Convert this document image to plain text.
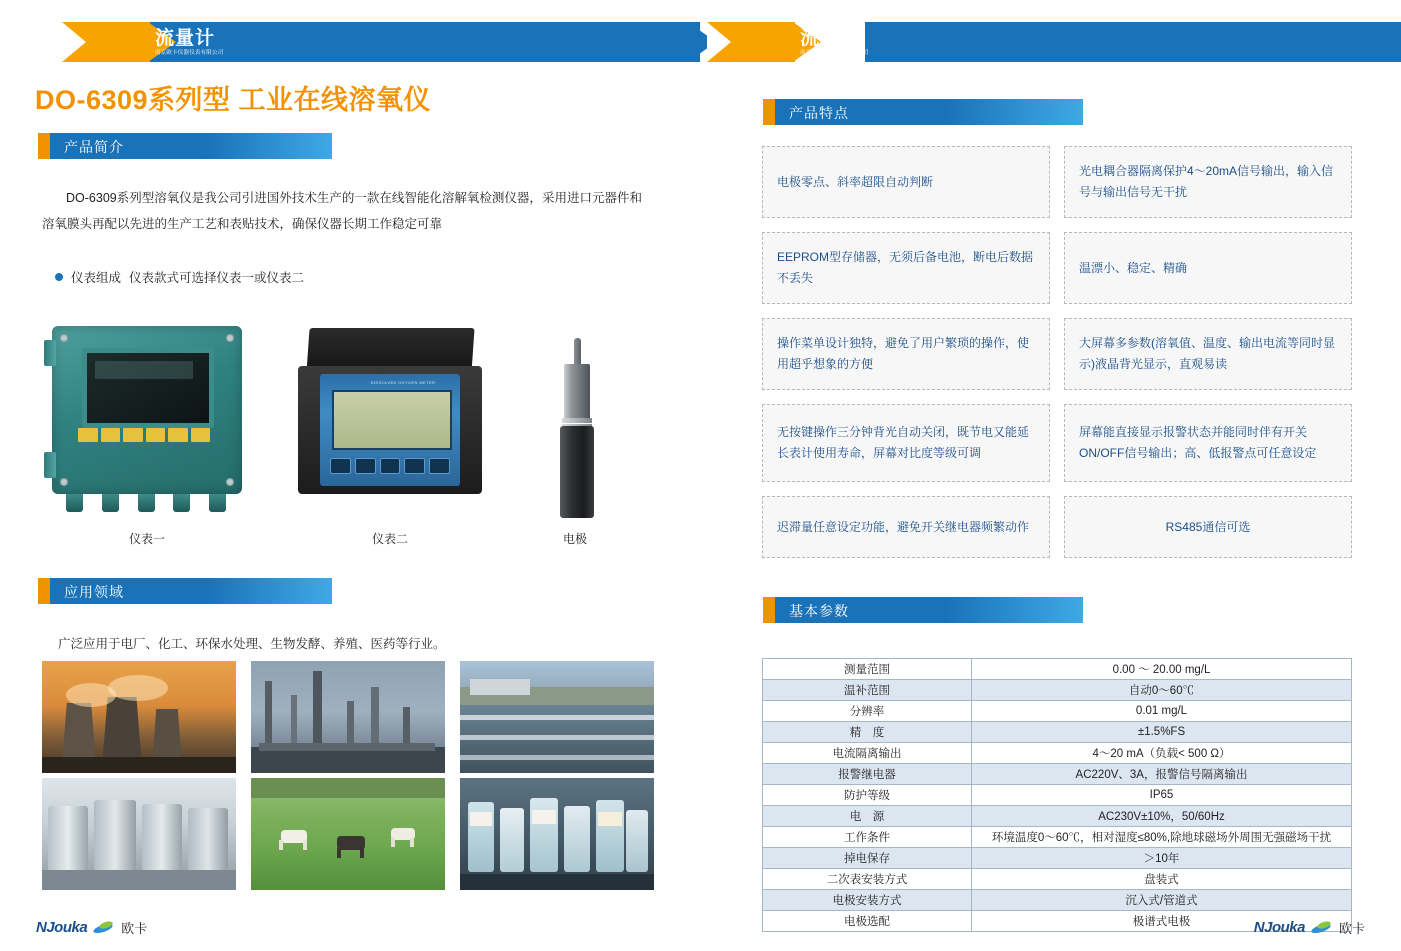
流量计
南京欧卡仪器仪表有限公司
流量计
南京欧卡仪器仪表有限公司
DO-6309系列型 工业在线溶氧仪
产品简介
DO-6309系列型溶氧仪是我公司引进国外技术生产的一款在线智能化溶解氧检测仪器，采用进口元器件和溶氧膜头再配以先进的生产工艺和表贴技术，确保仪器长期工作稳定可靠
仪表组成 仪表款式可选择仪表一或仪表二
仪表一
DISSOLVED OXYGEN METER
仪表二	电极
应用领域
广泛应用于电厂、化工、环保水处理、生物发酵、养殖、医药等行业。
产品特点
电极零点、斜率超限自动判断
光电耦合器隔离保护4～20mA信号输出，输入信号与输出信号无干扰
EEPROM型存储器，无须后备电池，断电后数据不丢失
温漂小、稳定、精确
操作菜单设计独特，避免了用户繁琐的操作，使用超乎想象的方便
大屏幕多参数(溶氧值、温度、输出电流等同时显示)液晶背光显示，直观易读
无按键操作三分钟背光自动关闭，既节电又能延长表计使用寿命，屏幕对比度等级可调
屏幕能直接显示报警状态并能同时伴有开关ON/OFF信号输出；高、低报警点可任意设定
迟滞量任意设定功能，避免开关继电器频繁动作	RS485通信可选
基本参数
测量范围	0.00 ～ 20.00 mg/L
温补范围	自动0～60℃
分辨率	0.01 mg/L
精　度	±1.5%FS
电流隔离输出	4～20 mA（负载< 500 Ω）
报警继电器	AC220V、3A，报警信号隔离输出
防护等级	IP65
电　源	AC230V±10%，50/60Hz
工作条件	环境温度0～60℃，相对湿度≤80%,除地球磁场外周围无强磁场干扰
掉电保存	＞10年
二次表安装方式	盘装式
电极安装方式	沉入式/管道式
电极选配	极谱式电极
NJouka	欧卡	NJouka	欧卡
